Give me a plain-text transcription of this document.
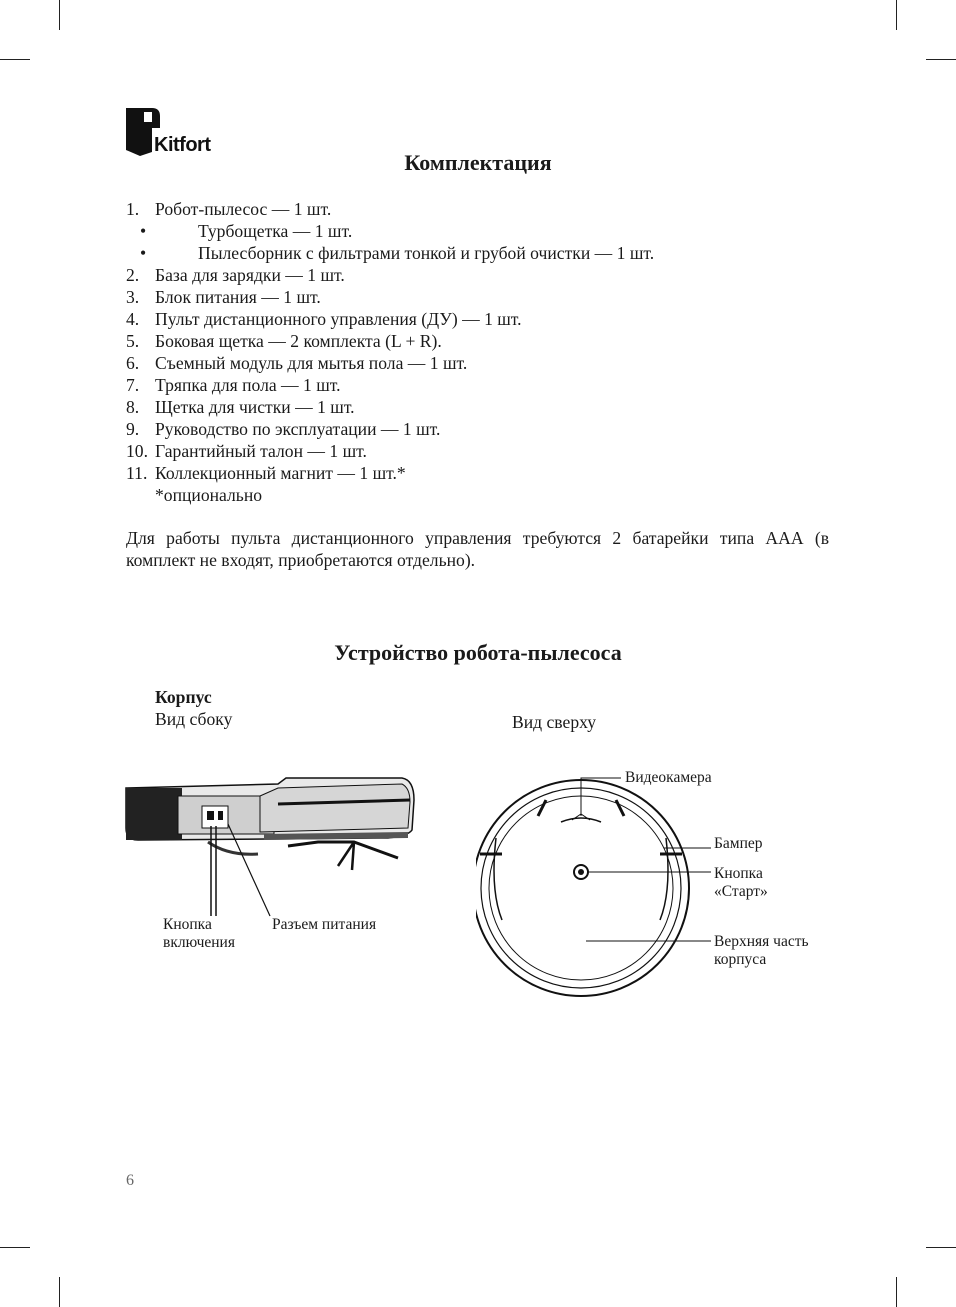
Kitfort
Комплектация
1. Робот-пылесос — 1 шт.
•	Турбощетка — 1 шт.
•	Пылесборник с фильтрами тонкой и грубой очистки — 1 шт.
2. База для зарядки — 1 шт.
3. Блок питания — 1 шт.
4. Пульт дистанционного управления (ДУ) — 1 шт.
5. Боковая щетка — 2 комплекта (L + R).
6. Съемный модуль для мытья пола — 1 шт.
7. Тряпка для пола — 1 шт.
8. Щетка для чистки — 1 шт.
9. Руководство по эксплуатации — 1 шт.
10. Гарантийный талон — 1 шт.
11. Коллекционный магнит — 1 шт.*
*опционально
Для работы пульта дистанционного управления требуются 2 батарейки типа ААА (в комплект не входят, приобретаются отдельно).
Устройство робота-пылесоса
Корпус
Вид сбоку	Вид сверху
Кнопка
включения
Разъем питания
Видеокамера
Бампер
Кнопка
«Старт»
Верхняя часть
корпуса
6
